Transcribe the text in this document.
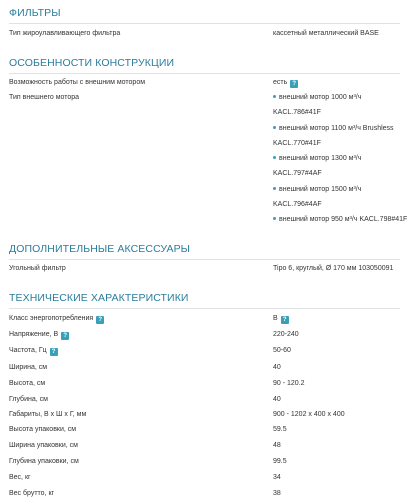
ФИЛЬТРЫ
Тип жироулавливающего фильтра	кассетный металлический BASE
ОСОБЕННОСТИ КОНСТРУКЦИИ
Возможность работы с внешним мотором	есть ?
Тип внешнего мотора	внешний мотор 1000 м³/ч
KACL.786#41F
внешний мотор 1100 м³/ч Brushless
KACL.770#41F
внешний мотор 1300 м³/ч
KACL.797#4AF
внешний мотор 1500 м³/ч
KACL.796#4AF
внешний мотор 950 м³/ч KACL.798#41F
ДОПОЛНИТЕЛЬНЫЕ АКСЕССУАРЫ
Угольный фильтр	Tipo 6, круглый, Ø 170 мм 103050091
ТЕХНИЧЕСКИЕ ХАРАКТЕРИСТИКИ
Класс энергопотребления ?	B ?
Напряжение, В ?	220-240
Частота, Гц ?	50-60
Ширина, см	40
Высота, см	90 - 120.2
Глубина, см	40
Габариты, В х Ш х Г, мм	900 - 1202 x 400 x 400
Высота упаковки, см	59.5
Ширина упаковки, см	48
Глубина упаковки, см	99.5
Вес, кг	34
Вес брутто, кг	38
